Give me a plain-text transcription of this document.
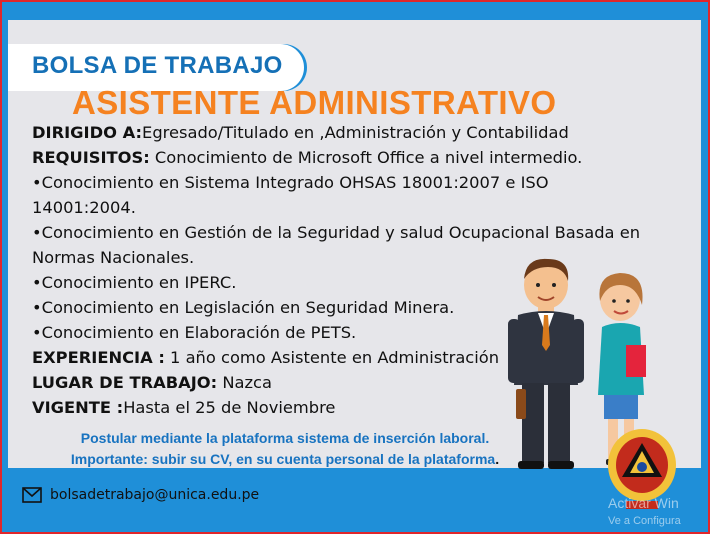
BOLSA DE TRABAJO
ASISTENTE ADMINISTRATIVO
DIRIGIDO A:Egresado/Titulado en ,Administración y Contabilidad
REQUISITOS: Conocimiento de Microsoft Office a nivel intermedio.
•Conocimiento en Sistema Integrado OHSAS 18001:2007 e ISO 14001:2004.
•Conocimiento en Gestión de la Seguridad y salud Ocupacional Basada en Normas Nacionales.
•Conocimiento en IPERC.
•Conocimiento en Legislación en Seguridad Minera.
•Conocimiento en Elaboración de PETS.
EXPERIENCIA : 1 año como Asistente en Administración
LUGAR DE TRABAJO: Nazca
VIGENTE :Hasta el 25 de Noviembre
Postular mediante la plataforma sistema de inserción laboral.
Importante: subir su CV, en su cuenta personal de la plataforma.
bolsadetrabajo@unica.edu.pe	Activar Win
Ve a Configura
